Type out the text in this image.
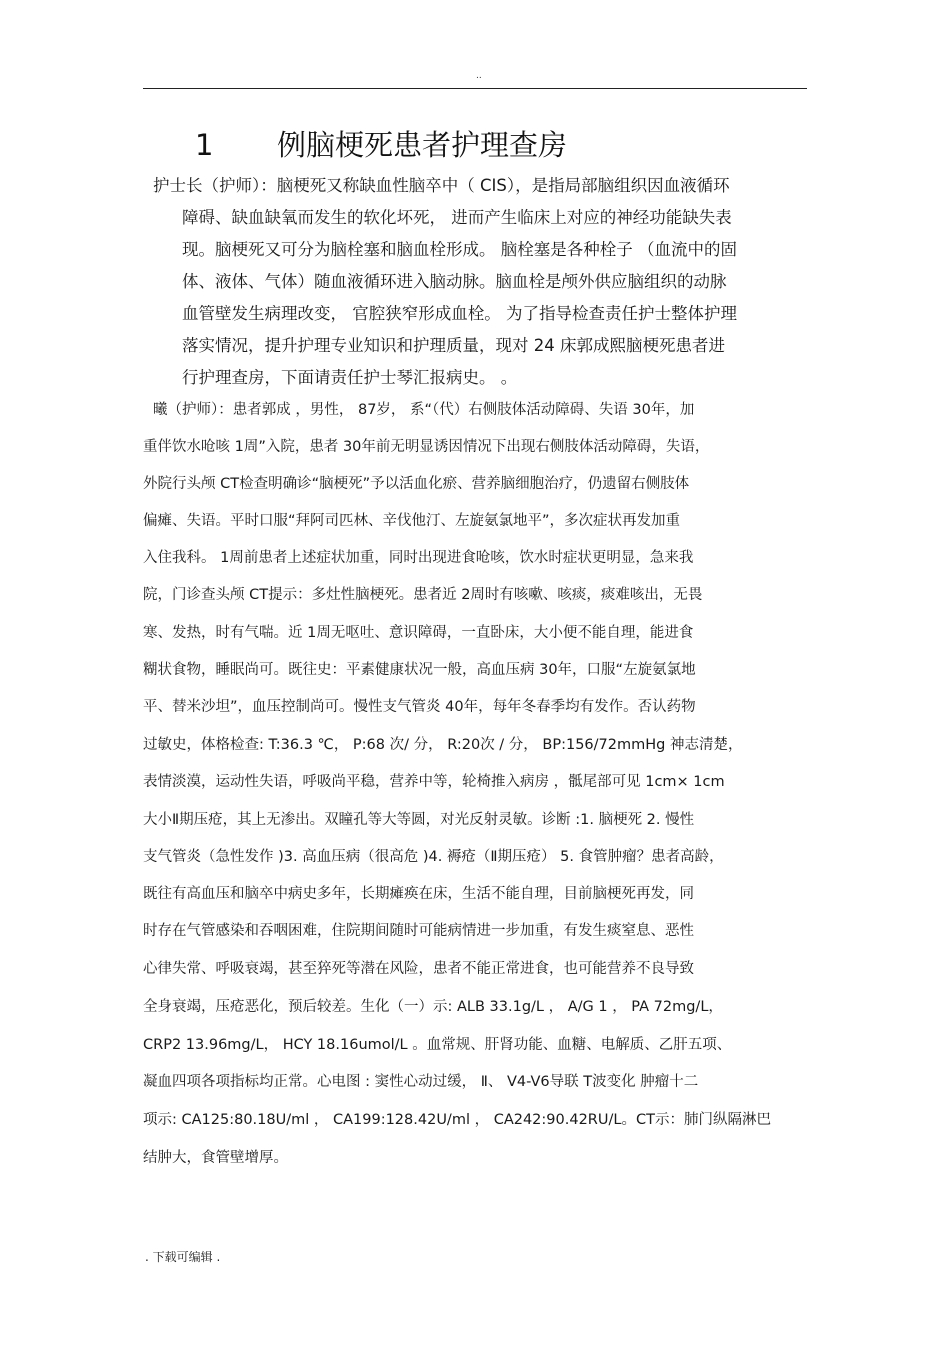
..
1 例脑梗死患者护理查房
护士长（护师）：脑梗死又称缺血性脑卒中（ CIS），是指局部脑组织因血液循环
障碍、缺血缺氧而发生的软化坏死， 进而产生临床上对应的神经功能缺失表
现。脑梗死又可分为脑栓塞和脑血栓形成。 脑栓塞是各种栓子 （血流中的固
体、液体、气体）随血液循环进入脑动脉。脑血栓是颅外供应脑组织的动脉
血管壁发生病理改变， 官腔狭窄形成血栓。 为了指导检查责任护士整体护理
落实情况，提升护理专业知识和护理质量，现对 24 床郭成熙脑梗死患者进
行护理查房，下面请责任护士琴汇报病史。 。
曦（护师）：患者郭成 ，男性， 87岁， 系“（代）右侧肢体活动障碍、失语 30年，加
重伴饮水呛咳 1周”入院，患者 30年前无明显诱因情况下出现右侧肢体活动障碍，失语，
外院行头颅 CT检查明确诊“脑梗死”予以活血化瘀、营养脑细胞治疗，仍遗留右侧肢体
偏瘫、失语。平时口服“拜阿司匹林、辛伐他汀、左旋氨氯地平”，多次症状再发加重
入住我科。 1周前患者上述症状加重，同时出现进食呛咳，饮水时症状更明显，急来我
院，门诊查头颅 CT提示：多灶性脑梗死。患者近 2周时有咳嗽、咳痰，痰难咳出，无畏
寒、发热，时有气喘。近 1周无呕吐、意识障碍，一直卧床，大小便不能自理，能进食
糊状食物，睡眠尚可。既往史：平素健康状况一般，高血压病 30年，口服“左旋氨氯地
平、替米沙坦”，血压控制尚可。慢性支气管炎 40年，每年冬春季均有发作。否认药物
过敏史，体格检查: T:36.3 ℃， P:68 次/ 分， R:20次 / 分， BP:156/72mmHg 神志清楚，
表情淡漠，运动性失语，呼吸尚平稳，营养中等，轮椅推入病房 ，骶尾部可见 1cm× 1cm
大小Ⅱ期压疮，其上无渗出。双瞳孔等大等圆，对光反射灵敏。诊断 :1. 脑梗死 2. 慢性
支气管炎（急性发作 )3. 高血压病（很高危 )4. 褥疮（Ⅱ期压疮） 5. 食管肿瘤？患者高龄，
既往有高血压和脑卒中病史多年，长期瘫痪在床，生活不能自理，目前脑梗死再发，同
时存在气管感染和吞咽困难，住院期间随时可能病情进一步加重，有发生痰窒息、恶性
心律失常、呼吸衰竭，甚至猝死等潜在风险，患者不能正常进食，也可能营养不良导致
全身衰竭，压疮恶化，预后较差。生化（一）示: ALB 33.1g/L ， A/G 1 ， PA 72mg/L，
CRP2 13.96mg/L， HCY 18.16umol/L 。血常规、肝肾功能、血糖、电解质、乙肝五项、
凝血四项各项指标均正常。心电图 : 窦性心动过缓， Ⅱ、 V4-V6导联 T波变化 肿瘤十二
项示: CA125:80.18U/ml ， CA199:128.42U/ml ， CA242:90.42RU/L。CT示：肺门纵隔淋巴
结肿大，食管壁增厚。
. 下载可编辑 .
